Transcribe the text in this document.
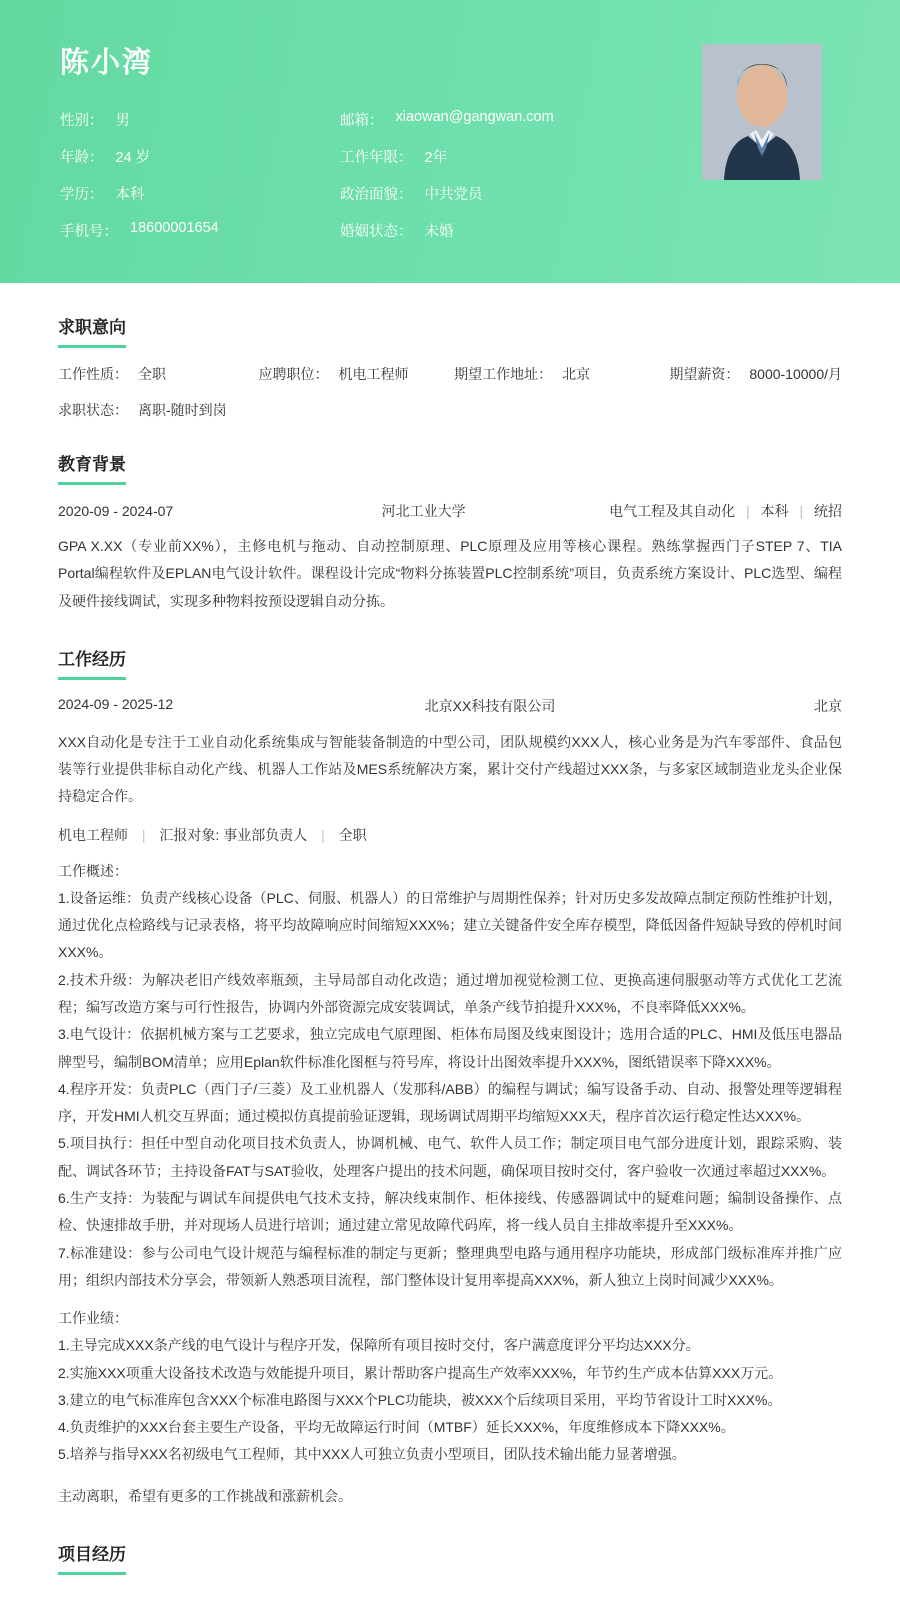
陈小湾
性别： 男	邮箱： xiaowan@gangwan.com
年龄： 24 岁	工作年限： 2年
学历： 本科	政治面貌： 中共党员
手机号： 18600001654	婚姻状态： 未婚
求职意向
工作性质： 全职	应聘职位： 机电工程师	期望工作地址： 北京	期望薪资： 8000-10000/月
求职状态： 离职-随时到岗
教育背景
2020-09 - 2024-07	河北工业大学	电气工程及其自动化 | 本科 | 统招

GPA X.XX（专业前XX%），主修电机与拖动、自动控制原理、PLC原理及应用等核心课程。熟练掌握西门子STEP 7、TIA Portal编程软件及EPLAN电气设计软件。课程设计完成“物料分拣装置PLC控制系统”项目，负责系统方案设计、PLC选型、编程及硬件接线调试，实现多种物料按预设逻辑自动分拣。

工作经历
2024-09 - 2025-12	北京XX科技有限公司	北京

XXX自动化是专注于工业自动化系统集成与智能装备制造的中型公司，团队规模约XXX人，核心业务是为汽车零部件、食品包装等行业提供非标自动化产线、机器人工作站及MES系统解决方案，累计交付产线超过XXX条，与多家区域制造业龙头企业保持稳定合作。

机电工程师 | 汇报对象: 事业部负责人 | 全职

工作概述：

1.设备运维：负责产线核心设备（PLC、伺服、机器人）的日常维护与周期性保养；针对历史多发故障点制定预防性维护计划，通过优化点检路线与记录表格，将平均故障响应时间缩短XXX%；建立关键备件安全库存模型，降低因备件短缺导致的停机时间XXX%。

2.技术升级：为解决老旧产线效率瓶颈，主导局部自动化改造；通过增加视觉检测工位、更换高速伺服驱动等方式优化工艺流程；编写改造方案与可行性报告，协调内外部资源完成安装调试，单条产线节拍提升XXX%，不良率降低XXX%。

3.电气设计：依据机械方案与工艺要求，独立完成电气原理图、柜体布局图及线束图设计；选用合适的PLC、HMI及低压电器品牌型号，编制BOM清单；应用Eplan软件标准化图框与符号库，将设计出图效率提升XXX%，图纸错误率下降XXX%。

4.程序开发：负责PLC（西门子/三菱）及工业机器人（发那科/ABB）的编程与调试；编写设备手动、自动、报警处理等逻辑程序，开发HMI人机交互界面；通过模拟仿真提前验证逻辑，现场调试周期平均缩短XXX天，程序首次运行稳定性达XXX%。

5.项目执行：担任中型自动化项目技术负责人，协调机械、电气、软件人员工作；制定项目电气部分进度计划，跟踪采购、装配、调试各环节；主持设备FAT与SAT验收，处理客户提出的技术问题，确保项目按时交付，客户验收一次通过率超过XXX%。

6.生产支持：为装配与调试车间提供电气技术支持，解决线束制作、柜体接线、传感器调试中的疑难问题；编制设备操作、点检、快速排故手册，并对现场人员进行培训；通过建立常见故障代码库，将一线人员自主排故率提升至XXX%。

7.标准建设：参与公司电气设计规范与编程标准的制定与更新；整理典型电路与通用程序功能块，形成部门级标准库并推广应用；组织内部技术分享会，带领新人熟悉项目流程，部门整体设计复用率提高XXX%，新人独立上岗时间减少XXX%。

工作业绩：

1.主导完成XXX条产线的电气设计与程序开发，保障所有项目按时交付，客户满意度评分平均达XXX分。

2.实施XXX项重大设备技术改造与效能提升项目，累计帮助客户提高生产效率XXX%，年节约生产成本估算XXX万元。

3.建立的电气标准库包含XXX个标准电路图与XXX个PLC功能块，被XXX个后续项目采用，平均节省设计工时XXX%。

4.负责维护的XXX台套主要生产设备，平均无故障运行时间（MTBF）延长XXX%，年度维修成本下降XXX%。

5.培养与指导XXX名初级电气工程师，其中XXX人可独立负责小型项目，团队技术输出能力显著增强。

主动离职，希望有更多的工作挑战和涨薪机会。

项目经历
